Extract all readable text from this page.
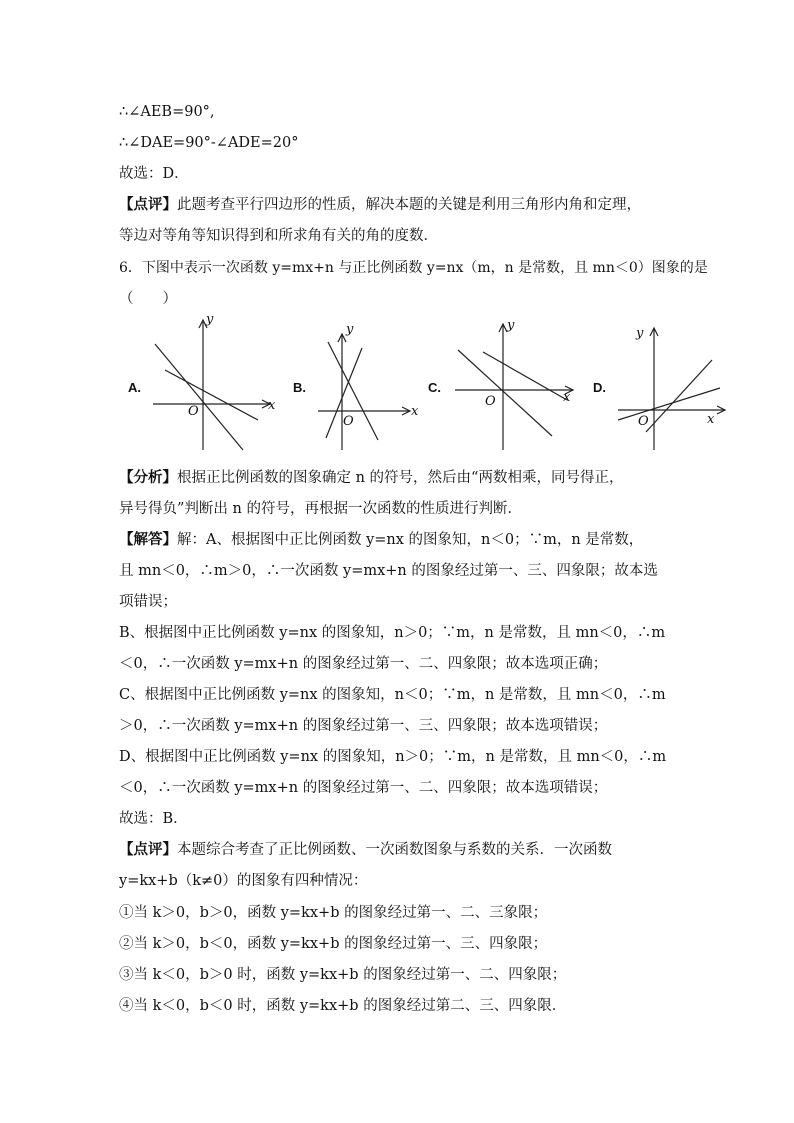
∴∠AEB=90°,
∴∠DAE=90°-∠ADE=20°
故选：D．
【点评】此题考查平行四边形的性质，解决本题的关键是利用三角形内角和定理，
等边对等角等知识得到和所求角有关的角的度数．
6．下图中表示一次函数 y=mx+n 与正比例函数 y=nx（m，n 是常数，且 mn＜0）图象的是
（　　）
A.
y
x
O
B.
y
x
O
C.
y
x
O
D.
y
x
O
【分析】根据正比例函数的图象确定 n 的符号，然后由“两数相乘，同号得正，
异号得负”判断出 n 的符号，再根据一次函数的性质进行判断．
【解答】解：A、根据图中正比例函数 y=nx 的图象知，n＜0；∵m，n 是常数，
且 mn＜0，∴m＞0，∴一次函数 y=mx+n 的图象经过第一、三、四象限；故本选
项错误；
B、根据图中正比例函数 y=nx 的图象知，n＞0；∵m，n 是常数，且 mn＜0，∴m
＜0，∴一次函数 y=mx+n 的图象经过第一、二、四象限；故本选项正确；
C、根据图中正比例函数 y=nx 的图象知，n＜0；∵m，n 是常数，且 mn＜0，∴m
＞0，∴一次函数 y=mx+n 的图象经过第一、三、四象限；故本选项错误；
D、根据图中正比例函数 y=nx 的图象知，n＞0；∵m，n 是常数，且 mn＜0，∴m
＜0，∴一次函数 y=mx+n 的图象经过第一、二、四象限；故本选项错误；
故选：B．
【点评】本题综合考查了正比例函数、一次函数图象与系数的关系．一次函数
y=kx+b（k≠0）的图象有四种情况：
①当 k＞0，b＞0，函数 y=kx+b 的图象经过第一、二、三象限；
②当 k＞0，b＜0，函数 y=kx+b 的图象经过第一、三、四象限；
③当 k＜0，b＞0 时，函数 y=kx+b 的图象经过第一、二、四象限；
④当 k＜0，b＜0 时，函数 y=kx+b 的图象经过第二、三、四象限．
